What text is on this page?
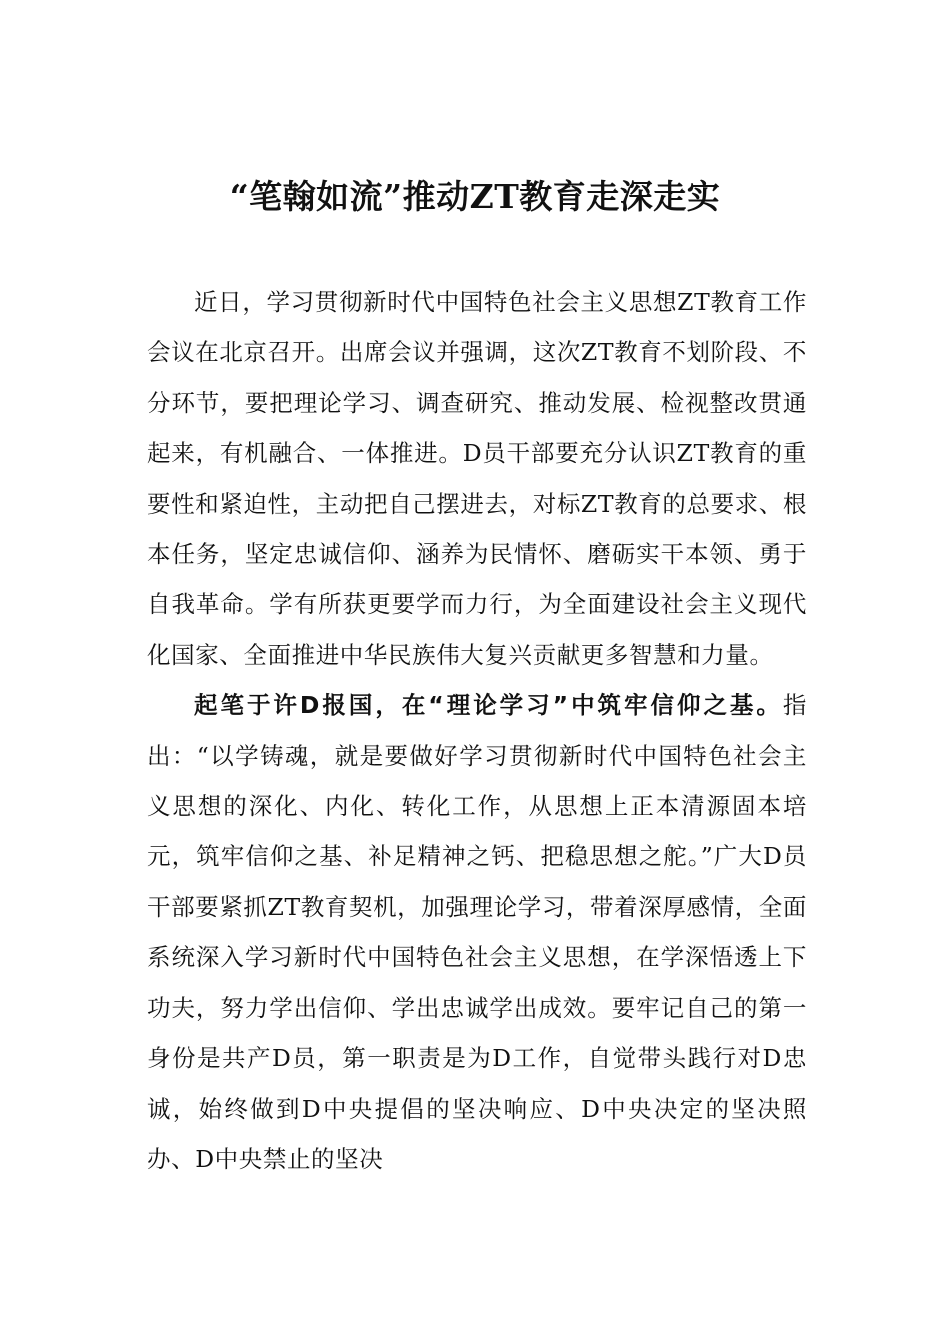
“笔翰如流”推动ZT教育走深走实

近日，学习贯彻新时代中国特色社会主义思想ZT教育工作会议在北京召开。出席会议并强调，这次ZT教育不划阶段、不分环节，要把理论学习、调查研究、推动发展、检视整改贯通起来，有机融合、一体推进。D员干部要充分认识ZT教育的重要性和紧迫性，主动把自己摆进去，对标ZT教育的总要求、根本任务，坚定忠诚信仰、涵养为民情怀、磨砺实干本领、勇于自我革命。学有所获更要学而力行，为全面建设社会主义现代化国家、全面推进中华民族伟大复兴贡献更多智慧和力量。

起笔于许D报国，在“理论学习”中筑牢信仰之基。指出：“以学铸魂，就是要做好学习贯彻新时代中国特色社会主义思想的深化、内化、转化工作，从思想上正本清源固本培元，筑牢信仰之基、补足精神之钙、把稳思想之舵。”广大D员干部要紧抓ZT教育契机，加强理论学习，带着深厚感情，全面系统深入学习新时代中国特色社会主义思想，在学深悟透上下功夫，努力学出信仰、学出忠诚学出成效。要牢记自己的第一身份是共产D员，第一职责是为D工作，自觉带头践行对D忠诚，始终做到D中央提倡的坚决响应、D中央决定的坚决照办、D中央禁止的坚决
